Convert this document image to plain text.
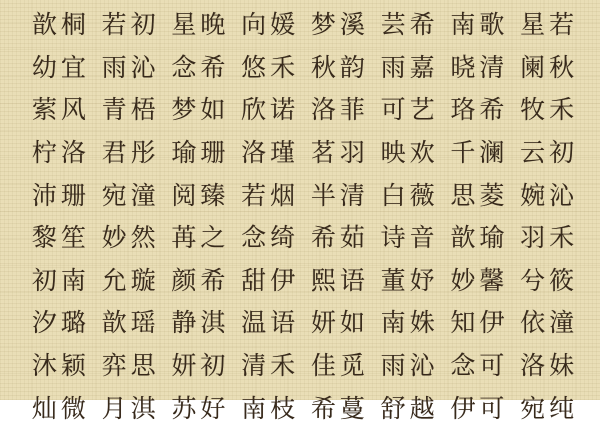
歆桐 若初 星晚 向媛 梦溪 芸希 南歌 星若
幼宜 雨沁 念希 悠禾 秋韵 雨嘉 晓清 阑秋
萦风 青梧 梦如 欣诺 洛菲 可艺 珞希 牧禾
柠洛 君彤 瑜珊 洛瑾 茗羽 映欢 千澜 云初
沛珊 宛潼 阅臻 若烟 半清 白薇 思菱 婉沁
黎笙 妙然 苒之 念绮 希茹 诗音 歆瑜 羽禾
初南 允璇 颜希 甜伊 熙语 董妤 妙馨 兮筱
汐璐 歆瑶 静淇 温语 妍如 南姝 知伊 依潼
沐颖 弈思 妍初 清禾 佳觅 雨沁 念可 洛妹
灿微 月淇 苏好 南枝 希蔓 舒越 伊可 宛纯
